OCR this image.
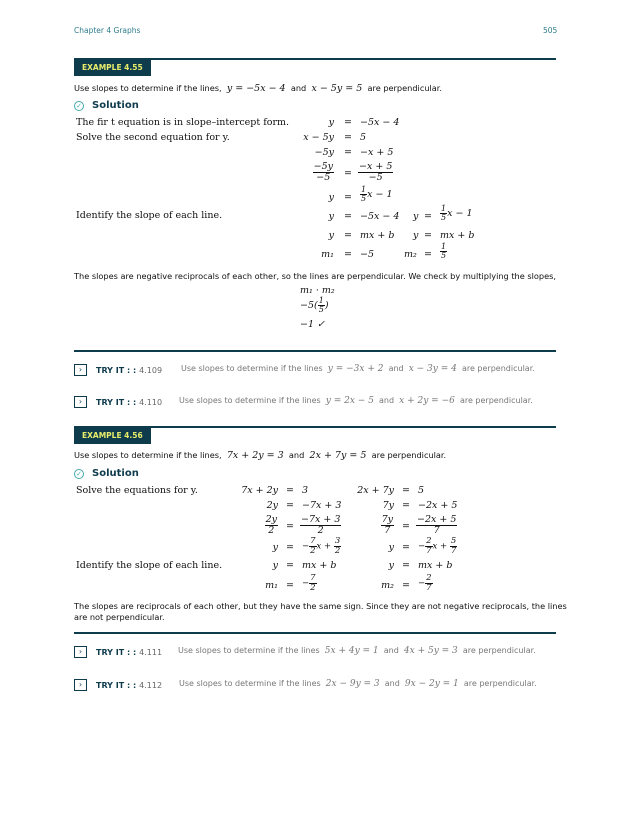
Chapter 4 Graphs	505
EXAMPLE 4.55
Use slopes to determine if the lines, y = −5x − 4 and x − 5y = 5 are perpendicular.
✓ Solution
The fir t equation is in slope–intercept form.
Solve the second equation for y.
Identify the slope of each line.
y = −5x − 4
x − 5y = 5
−5y = −x + 5
$\frac{-5y}{-5} = \frac{-x + 5}{-5}$
$y = \frac{1}{5}$ x − 1
y = −5x − 4 $y = \frac{1}{5}$ x − 1
y = mx + b y = mx + b
m₁ = −5	$m_2 = \frac{1}{5}$
The slopes are negative reciprocals of each other, so the lines are perpendicular. We check by multiplying the slopes,
m₁ · m₂
$-5( \frac{1}{5}$ )
−1 ✓
› TRY IT : : 4.109 Use slopes to determine if the lines y = −3x + 2 and x − 3y = 4 are perpendicular.
› TRY IT : : 4.110 Use slopes to determine if the lines y = 2x − 5 and x + 2y = −6 are perpendicular.
EXAMPLE 4.56
Use slopes to determine if the lines, 7x + 2y = 3 and 2x + 7y = 5 are perpendicular.
✓ Solution
Solve the equations for y.
Identify the slope of each line.
7x + 2y = 3
2y = −7x + 3
$\frac{2y}{2} = \frac{-7x + 3}{2}$
y = − $\frac{7}{2}$ $x + \frac{3}{2}$
y = mx + b
m₁ = − $\frac{7}{2}$
2x + 7y = 5
7y = −2x + 5
$\frac{7y}{7} = \frac{-2x + 5}{7}$
y = − $\frac{2}{7}$ $x + \frac{5}{7}$
y = mx + b
m₂ = − $\frac{2}{7}$
The slopes are reciprocals of each other, but they have the same sign. Since they are not negative reciprocals, the lines
are not perpendicular.
› TRY IT : : 4.111 Use slopes to determine if the lines 5x + 4y = 1 and 4x + 5y = 3 are perpendicular.
› TRY IT : : 4.112 Use slopes to determine if the lines 2x − 9y = 3 and 9x − 2y = 1 are perpendicular.
